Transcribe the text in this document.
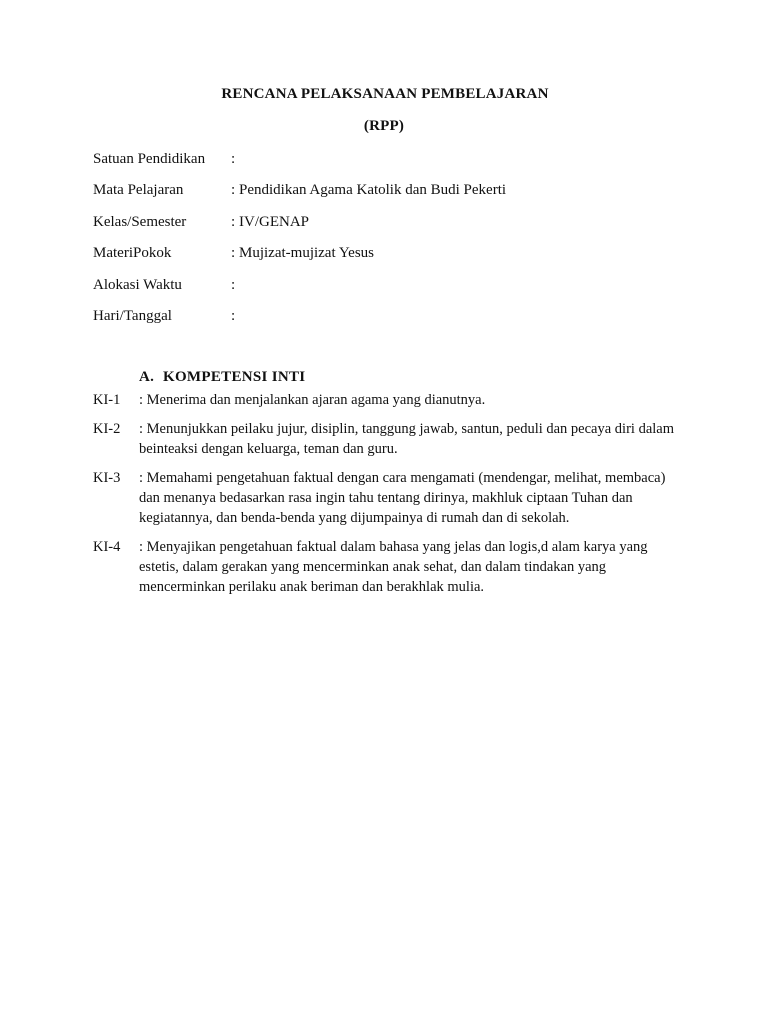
RENCANA PELAKSANAAN PEMBELAJARAN
(RPP)
Satuan Pendidikan	:
Mata Pelajaran	: Pendidikan Agama Katolik dan Budi Pekerti
Kelas/Semester	: IV/GENAP
MateriPokok	: Mujizat-mujizat Yesus
Alokasi Waktu	:
Hari/Tanggal	:
A. KOMPETENSI INTI
KI-1	: Menerima dan menjalankan ajaran agama yang dianutnya.
KI-2	: Menunjukkan peilaku jujur, disiplin, tanggung jawab, santun, peduli dan pecaya diri dalam beinteaksi dengan keluarga, teman dan guru.
KI-3	: Memahami pengetahuan faktual dengan cara mengamati (mendengar, melihat, membaca) dan menanya bedasarkan rasa ingin tahu tentang dirinya, makhluk ciptaan Tuhan dan kegiatannya, dan benda-benda yang dijumpainya di rumah dan di sekolah.
KI-4	: Menyajikan pengetahuan faktual dalam bahasa yang jelas dan logis,d alam karya yang estetis, dalam gerakan yang mencerminkan anak sehat, dan dalam tindakan yang mencerminkan perilaku anak beriman dan berakhlak mulia.
